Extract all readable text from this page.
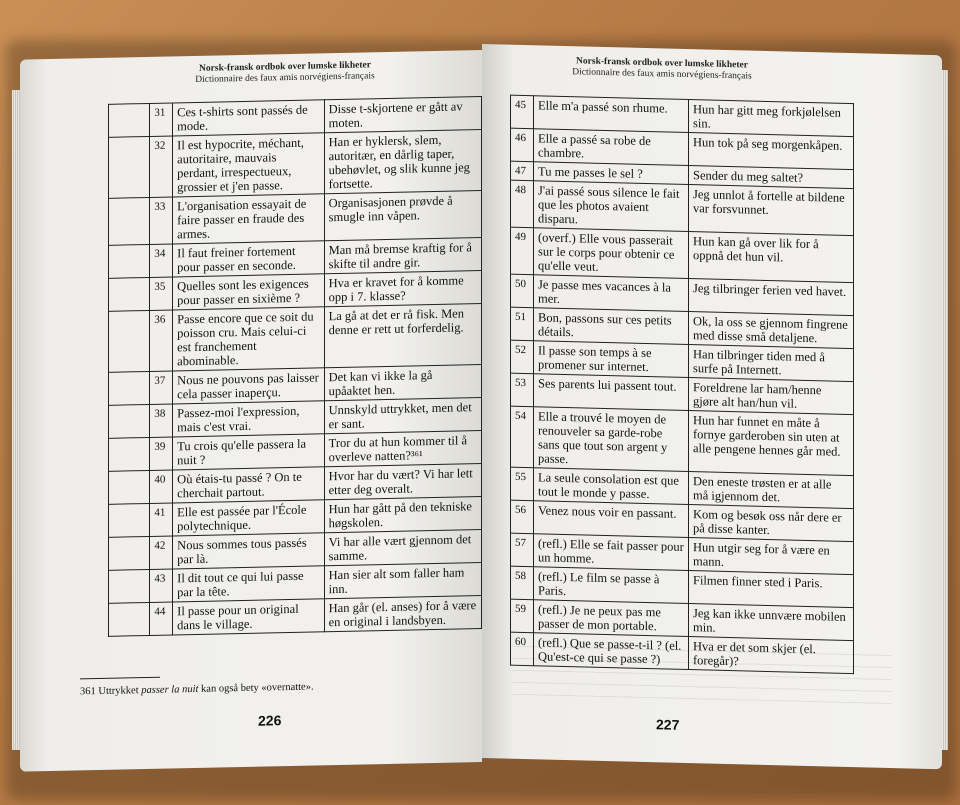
Norsk-fransk ordbok over lumske likheter
Dictionnaire des faux amis norvégiens-français
	31	Ces t-shirts sont passés de mode.	Disse t-skjortene er gått av moten.
	32	Il est hypocrite, méchant, autoritaire, mauvais perdant, irrespectueux, grossier et j'en passe.	Han er hyklersk, slem, autoritær, en dårlig taper, ubehøvlet, og slik kunne jeg fortsette.
	33	L'organisation essayait de faire passer en fraude des armes.	Organisasjonen prøvde å smugle inn våpen.
	34	Il faut freiner fortement pour passer en seconde.	Man må bremse kraftig for å skifte til andre gir.
	35	Quelles sont les exigences pour passer en sixième ?	Hva er kravet for å komme opp i 7. klasse?
	36	Passe encore que ce soit du poisson cru. Mais celui-ci est franchement abominable.	La gå at det er rå fisk. Men denne er rett ut forferdelig.
	37	Nous ne pouvons pas laisser cela passer inaperçu.	Det kan vi ikke la gå upåaktet hen.
	38	Passez-moi l'expression, mais c'est vrai.	Unnskyld uttrykket, men det er sant.
	39	Tu crois qu'elle passera la nuit ?	Tror du at hun kommer til å overleve natten?³⁶¹
	40	Où étais-tu passé ? On te cherchait partout.	Hvor har du vært? Vi har lett etter deg overalt.
	41	Elle est passée par l'École polytechnique.	Hun har gått på den tekniske høgskolen.
	42	Nous sommes tous passés par là.	Vi har alle vært gjennom det samme.
	43	Il dit tout ce qui lui passe par la tête.	Han sier alt som faller ham inn.
	44	Il passe pour un original dans le village.	Han går (el. anses) for å være en original i landsbyen.
361 Uttrykket passer la nuit kan også bety «overnatte».
226
Norsk-fransk ordbok over lumske likheter
Dictionnaire des faux amis norvégiens-français
45	Elle m'a passé son rhume.	Hun har gitt meg forkjølelsen sin.
46	Elle a passé sa robe de chambre.	Hun tok på seg morgenkåpen.
47	Tu me passes le sel ?	Sender du meg saltet?
48	J'ai passé sous silence le fait que les photos avaient disparu.	Jeg unnlot å fortelle at bildene var forsvunnet.
49	(overf.) Elle vous passerait sur le corps pour obtenir ce qu'elle veut.	Hun kan gå over lik for å oppnå det hun vil.
50	Je passe mes vacances à la mer.	Jeg tilbringer ferien ved havet.
51	Bon, passons sur ces petits détails.	Ok, la oss se gjennom fingrene med disse små detaljene.
52	Il passe son temps à se promener sur internet.	Han tilbringer tiden med å surfe på Internett.
53	Ses parents lui passent tout.	Foreldrene lar ham/henne gjøre alt han/hun vil.
54	Elle a trouvé le moyen de renouveler sa garde-robe sans que tout son argent y passe.	Hun har funnet en måte å fornye garderoben sin uten at alle pengene hennes går med.
55	La seule consolation est que tout le monde y passe.	Den eneste trøsten er at alle må igjennom det.
56	Venez nous voir en passant.	Kom og besøk oss når dere er på disse kanter.
57	(refl.) Elle se fait passer pour un homme.	Hun utgir seg for å være en mann.
58	(refl.) Le film se passe à Paris.	Filmen finner sted i Paris.
59	(refl.) Je ne peux pas me passer de mon portable.	Jeg kan ikke unnvære mobilen min.
60	(refl.) Que se passe-t-il ? (el. Qu'est-ce qui se passe ?)	Hva er det som skjer (el. foregår)?
227
